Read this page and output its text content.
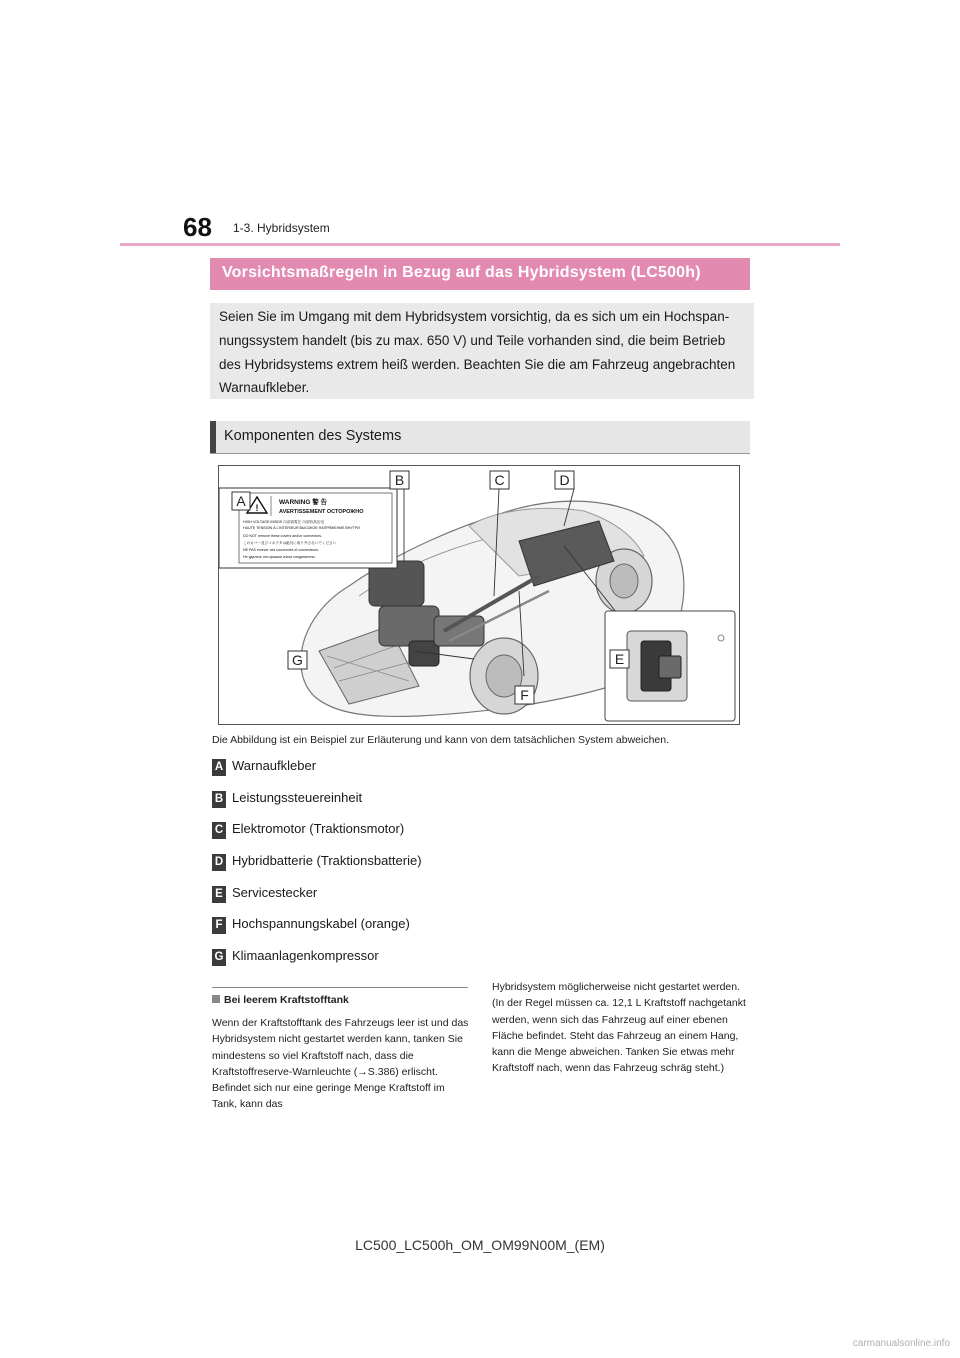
68 1-3. Hybridsystem
Vorsichtsmaßregeln in Bezug auf das Hybridsystem (LC500h)

Seien Sie im Umgang mit dem Hybridsystem vorsichtig, da es sich um ein Hochspan-nungssystem handelt (bis zu max. 650 V) und Teile vorhanden sind, die beim Betrieb des Hybridsystems extrem heiß werden. Beachten Sie die am Fahrzeug angebrachten Warnaufkleber.

Komponenten des Systems
!
WARNING 警 告
AVERTISSEMENT ОСТОРОЖНО
HIGH VOLTAGE INSIDE 內部高電圧 內部有高压电
HAUTE TENSION À L'INTÉRIEUR ВЫСОКОЕ НАПРЯЖЕНИЕ ВНУТРИ
DO NOT remove these covers and/or connectors.
このカバー及びコネクタは絶対に取り外さないでください
NE PAS enlever ces couvercles et connecteurs.
Не удалять эти крышки и/или соединители.
A
B	C	D
E
F
G
Die Abbildung ist ein Beispiel zur Erläuterung und kann von dem tatsächlichen System abweichen.
A Warnaufkleber
B Leistungssteuereinheit
C Elektromotor (Traktionsmotor)
D Hybridbatterie (Traktionsbatterie)
E Servicestecker
F Hochspannungskabel (orange)
G Klimaanlagenkompressor
Bei leerem Kraftstofftank

Wenn der Kraftstofftank des Fahrzeugs leer ist und das Hybridsystem nicht gestartet werden kann, tanken Sie mindestens so viel Kraftstoff nach, dass die Kraftstoffreserve-Warnleuchte (→S.386) erlischt. Befindet sich nur eine geringe Menge Kraftstoff im Tank, kann das

Hybridsystem möglicherweise nicht gestartet werden. (In der Regel müssen ca. 12,1 L Kraftstoff nachgetankt werden, wenn sich das Fahrzeug auf einer ebenen Fläche befindet. Steht das Fahrzeug an einem Hang, kann die Menge abweichen. Tanken Sie etwas mehr Kraftstoff nach, wenn das Fahrzeug schräg steht.)

LC500_LC500h_OM_OM99N00M_(EM)
carmanualsonline.info
